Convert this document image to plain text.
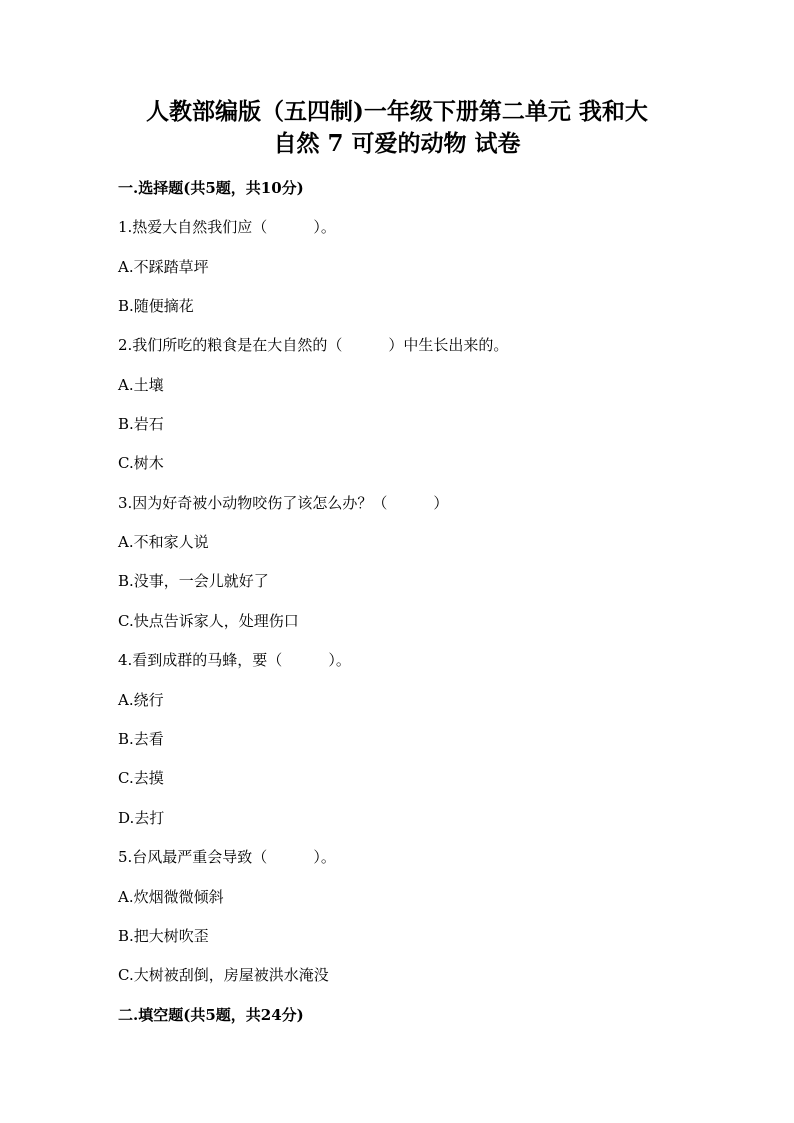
人教部编版（五四制)一年级下册第二单元 我和大
自然 7 可爱的动物 试卷
一.选择题(共5题，共10分)
1.热爱大自然我们应（	）。
A.不踩踏草坪
B.随便摘花
2.我们所吃的粮食是在大自然的（	）中生长出来的。
A.土壤
B.岩石
C.树木
3.因为好奇被小动物咬伤了该怎么办？（	）
A.不和家人说
B.没事，一会儿就好了
C.快点告诉家人，处理伤口
4.看到成群的马蜂，要（	）。
A.绕行
B.去看
C.去摸
D.去打
5.台风最严重会导致（	）。
A.炊烟微微倾斜
B.把大树吹歪
C.大树被刮倒，房屋被洪水淹没
二.填空题(共5题，共24分)
